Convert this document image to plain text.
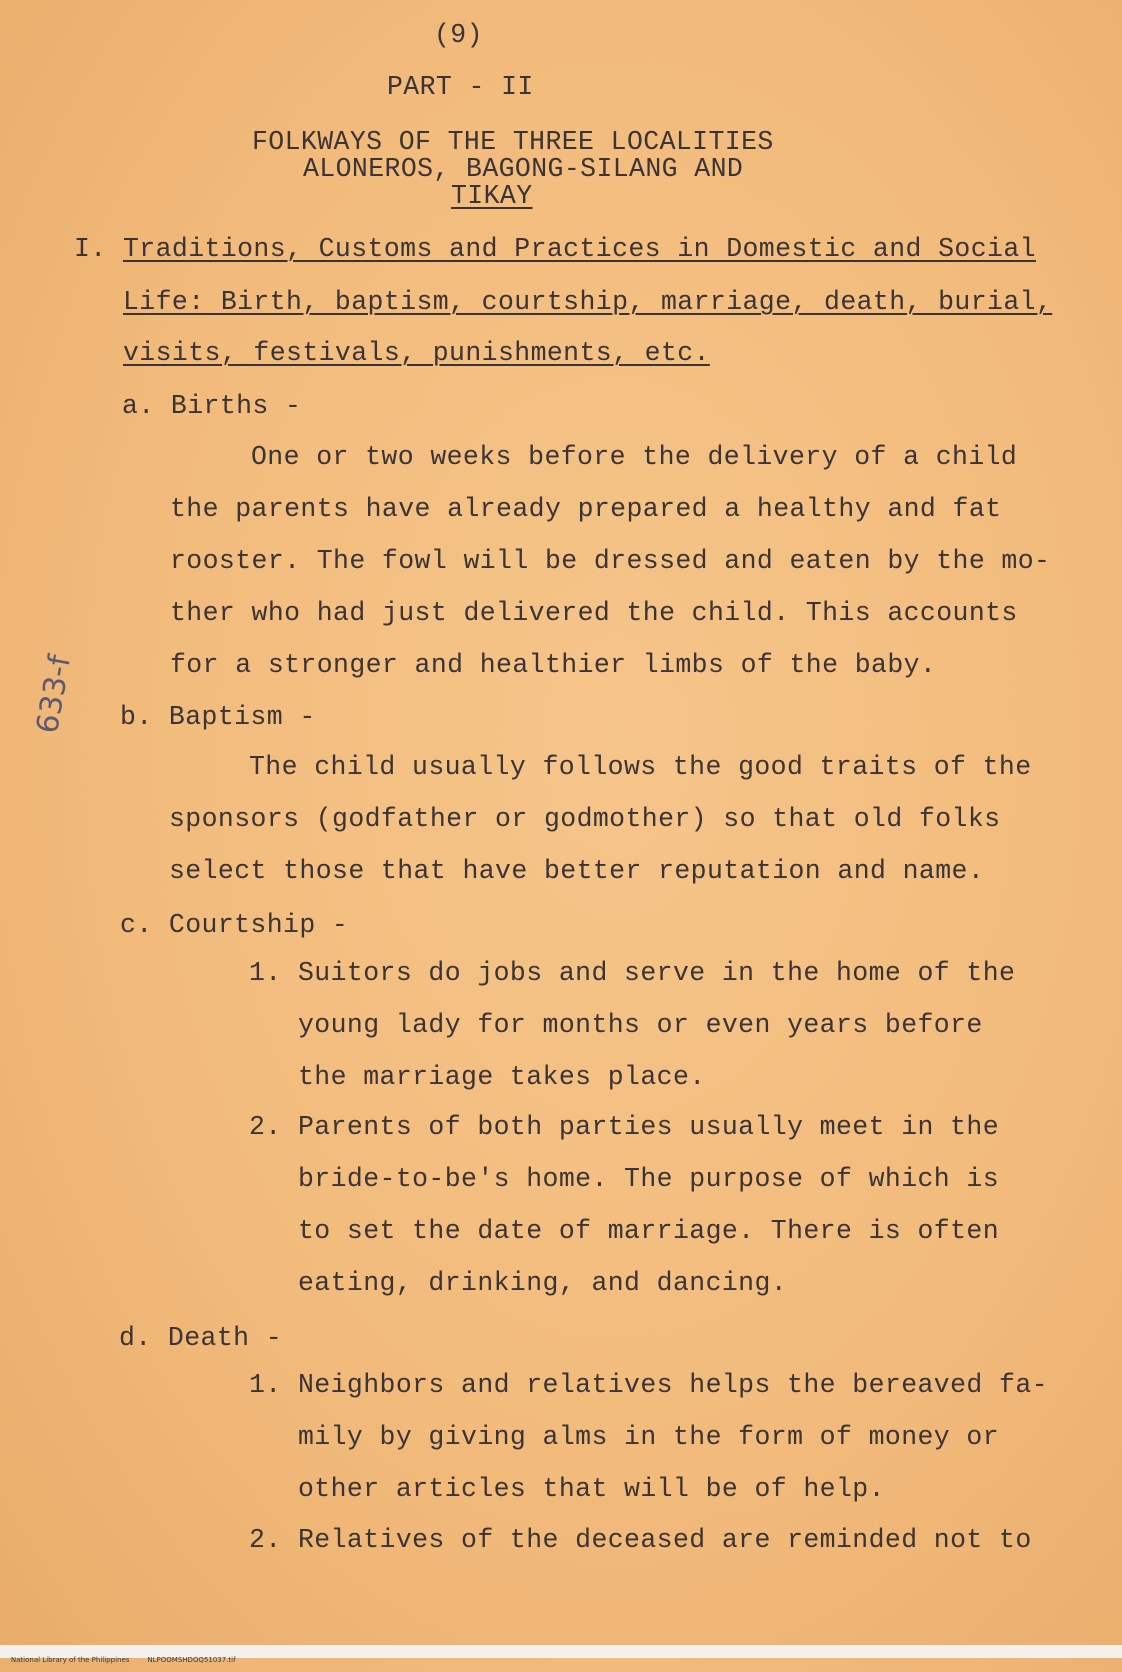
(9)

PART - II

FOLKWAYS OF THE THREE LOCALITIES

ALONEROS, BAGONG-SILANG AND

TIKAY

I. Traditions, Customs and Practices in Domestic and Social

Life: Birth, baptism, courtship, marriage, death, burial,

visits, festivals, punishments, etc.

a. Births -

One or two weeks before the delivery of a child

the parents have already prepared a healthy and fat

rooster. The fowl will be dressed and eaten by the mo-

ther who had just delivered the child. This accounts

for a stronger and healthier limbs of the baby.

b. Baptism -

The child usually follows the good traits of the

sponsors (godfather or godmother) so that old folks

select those that have better reputation and name.

c. Courtship -

1. Suitors do jobs and serve in the home of the

young lady for months or even years before

the marriage takes place.

2. Parents of both parties usually meet in the

bride-to-be's home. The purpose of which is

to set the date of marriage. There is often

eating, drinking, and dancing.

d. Death -

1. Neighbors and relatives helps the bereaved fa-

mily by giving alms in the form of money or

other articles that will be of help.

2. Relatives of the deceased are reminded not to

633-f

National Library of the Philippines	NLPOOMSHDOQ51037.tif
